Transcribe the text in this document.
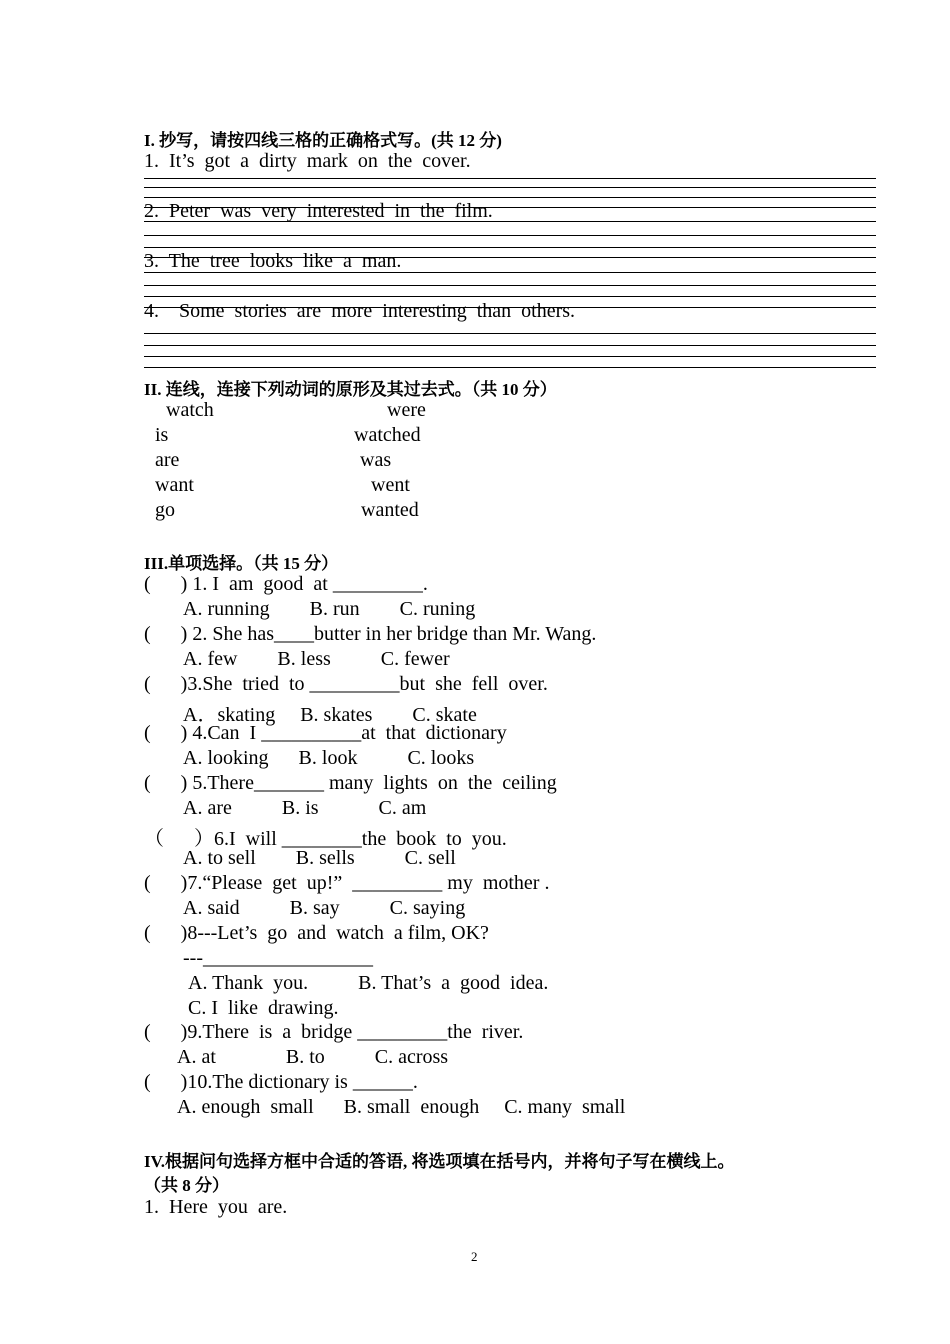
I. 抄写，请按四线三格的正确格式写。(共 12 分)
1.  It’s  got  a  dirty  mark  on  the  cover.
2.  Peter  was  very  interested  in  the  film.
3.  The  tree  looks  like  a  man.
4.    Some  stories  are  more  interesting  than  others.
II. 连线，连接下列动词的原形及其过去式。（共 10 分）
watch
is
are
want
go
were
watched
was
went
wanted
III.单项选择。（共 15 分）
(      ) 1. I  am  good  at _________.
A. running        B. run        C. runing
(      ) 2. She has____butter in her bridge than Mr. Wang.
A. few        B. less          C. fewer
(      )3.She  tried  to _________but  she  fell  over.
A．skating     B. skates        C. skate
(      ) 4.Can  I __________at  that  dictionary
A. looking      B. look          C. looks
(      ) 5.There_______ many  lights  on  the  ceiling
A. are          B. is            C. am
（      ）6.I  will ________the  book  to  you.
A. to sell        B. sells          C. sell
(      )7.“Please  get  up!”  _________ my  mother .
A. said          B. say          C. saying
(      )8---Let’s  go  and  watch  a film, OK?
---_________________
A. Thank  you.          B. That’s  a  good  idea.
C. I  like  drawing.
(      )9.There  is  a  bridge _________the  river.
A. at              B. to          C. across
(      )10.The dictionary is ______.
A. enough  small      B. small  enough     C. many  small
IV.根据问句选择方框中合适的答语, 将选项填在括号内，并将句子写在横线上。
（共 8 分）
1.  Here  you  are.
2
